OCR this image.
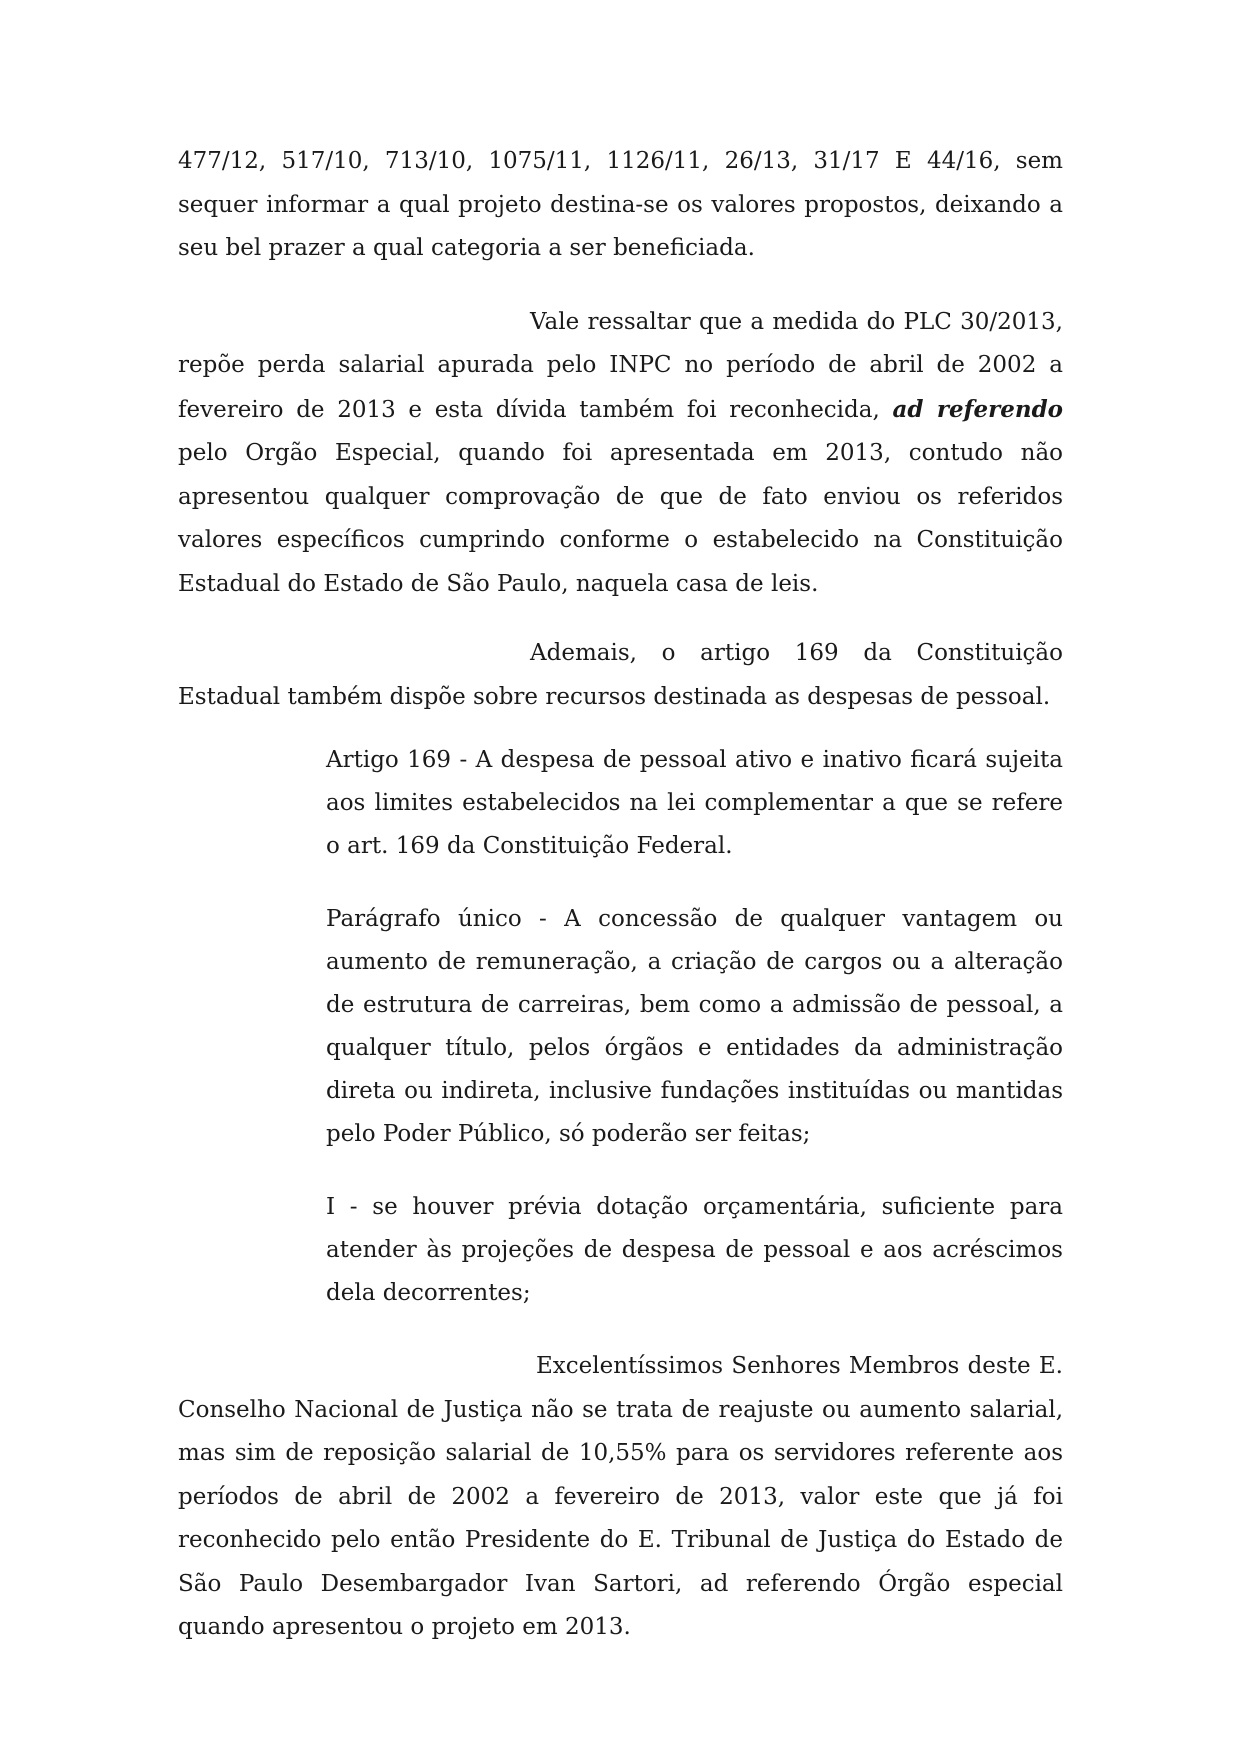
477/12, 517/10, 713/10, 1075/11, 1126/11, 26/13, 31/17 E 44/16, sem sequer informar a qual projeto destina-se os valores propostos, deixando a seu bel prazer a qual categoria a ser beneficiada.

Vale ressaltar que a medida do PLC 30/2013, repõe perda salarial apurada pelo INPC no período de abril de 2002 a fevereiro de 2013 e esta dívida também foi reconhecida, ad referendo pelo Orgão Especial, quando foi apresentada em 2013, contudo não apresentou qualquer comprovação de que de fato enviou os referidos valores específicos cumprindo conforme o estabelecido na Constituição Estadual do Estado de São Paulo, naquela casa de leis.

Ademais, o artigo 169 da Constituição Estadual também dispõe sobre recursos destinada as despesas de pessoal.

Artigo 169 - A despesa de pessoal ativo e inativo ficará sujeita aos limites estabelecidos na lei complementar a que se refere o art. 169 da Constituição Federal.

Parágrafo único - A concessão de qualquer vantagem ou aumento de remuneração, a criação de cargos ou a alteração de estrutura de carreiras, bem como a admissão de pessoal, a qualquer título, pelos órgãos e entidades da administração direta ou indireta, inclusive fundações instituídas ou mantidas pelo Poder Público, só poderão ser feitas;

I - se houver prévia dotação orçamentária, suficiente para atender às projeções de despesa de pessoal e aos acréscimos dela decorrentes;

Excelentíssimos Senhores Membros deste E. Conselho Nacional de Justiça não se trata de reajuste ou aumento salarial, mas sim de reposição salarial de 10,55% para os servidores referente aos períodos de abril de 2002 a fevereiro de 2013, valor este que já foi reconhecido pelo então Presidente do E. Tribunal de Justiça do Estado de São Paulo Desembargador Ivan Sartori, ad referendo Órgão especial quando apresentou o projeto em 2013.
